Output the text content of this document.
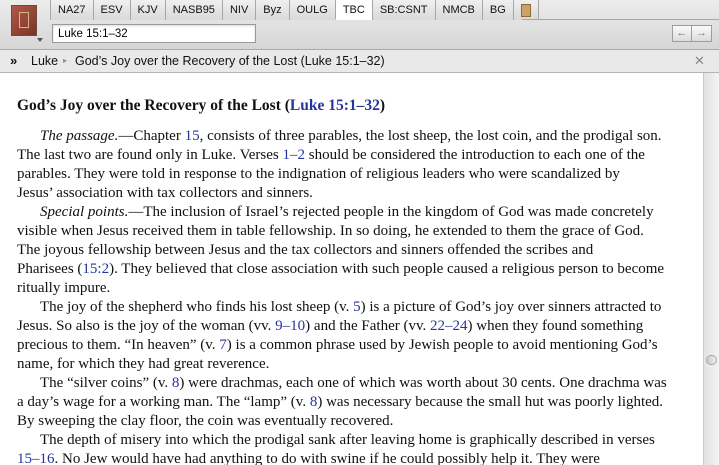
NA27	ESV	KJV	NASB95	NIV	Byz	OULG	TBC	SB:CSNT	NMCB	BG
Luke 15:1–32	← →
» Luke ▸ God’s Joy over the Recovery of the Lost (Luke 15:1–32)	✕
God’s Joy over the Recovery of the Lost (Luke 15:1–32)
The passage.—Chapter 15, consists of three parables, the lost sheep, the lost coin, and the prodigal son.
The last two are found only in Luke. Verses 1–2 should be considered the introduction to each one of the
parables. They were told in response to the indignation of religious leaders who were scandalized by
Jesus’ association with tax collectors and sinners.
Special points.—The inclusion of Israel’s rejected people in the kingdom of God was made concretely
visible when Jesus received them in table fellowship. In so doing, he extended to them the grace of God.
The joyous fellowship between Jesus and the tax collectors and sinners offended the scribes and
Pharisees (15:2). They believed that close association with such people caused a religious person to become
ritually impure.
The joy of the shepherd who finds his lost sheep (v. 5) is a picture of God’s joy over sinners attracted to
Jesus. So also is the joy of the woman (vv. 9–10) and the Father (vv. 22–24) when they found something
precious to them. “In heaven” (v. 7) is a common phrase used by Jewish people to avoid mentioning God’s
name, for which they had great reverence.
The “silver coins” (v. 8) were drachmas, each one of which was worth about 30 cents. One drachma was
a day’s wage for a working man. The “lamp” (v. 8) was necessary because the small hut was poorly lighted.
By sweeping the clay floor, the coin was eventually recovered.
The depth of misery into which the prodigal sank after leaving home is graphically described in verses
15–16. No Jew would have had anything to do with swine if he could possibly help it. They were
